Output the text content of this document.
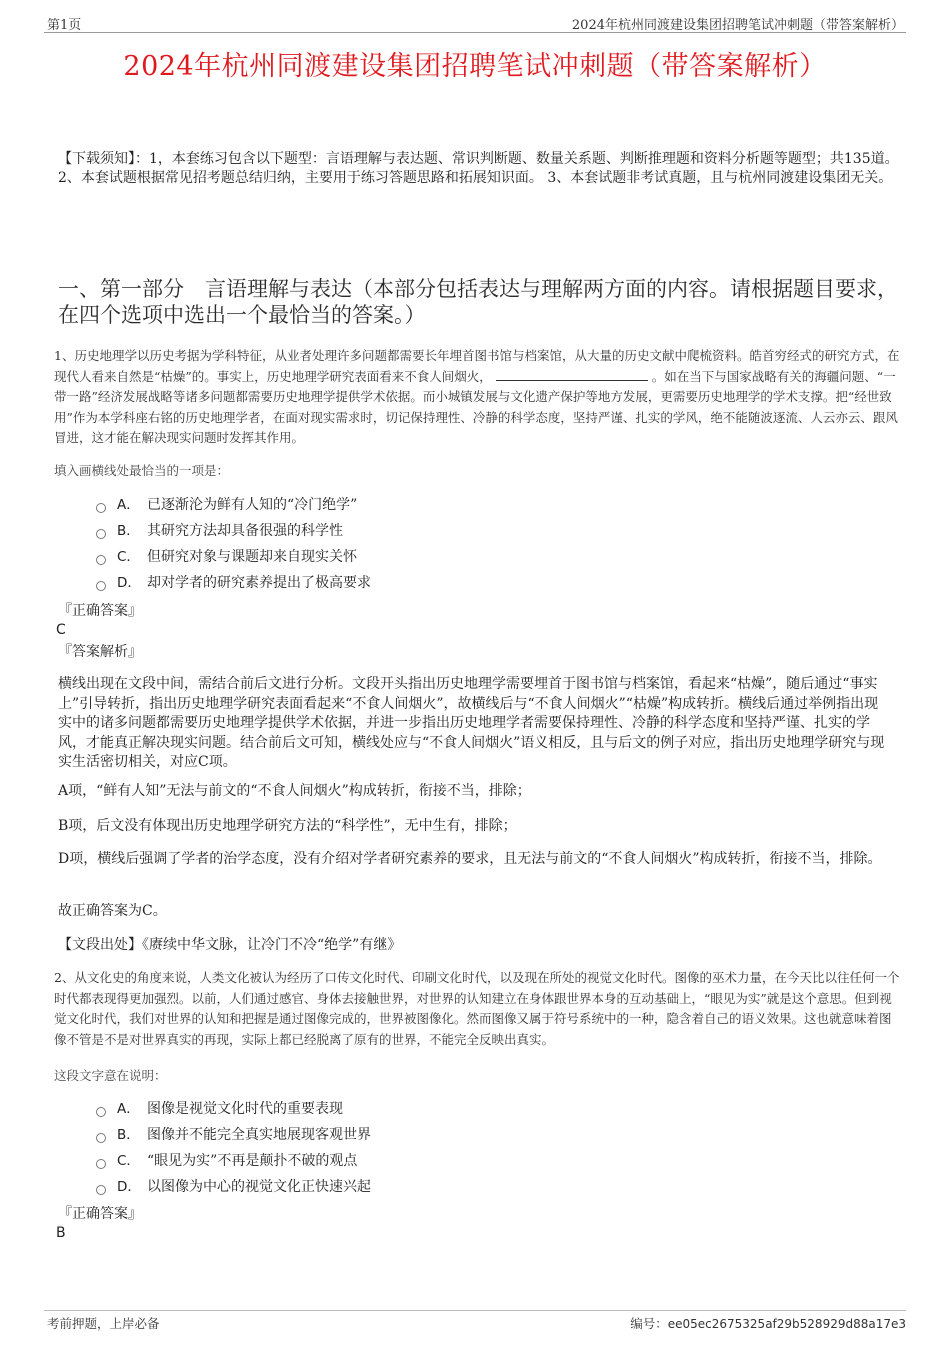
第1页	2024年杭州同渡建设集团招聘笔试冲刺题（带答案解析）
2024年杭州同渡建设集团招聘笔试冲刺题（带答案解析）
【下载须知】：1，本套练习包含以下题型：言语理解与表达题、常识判断题、数量关系题、判断推理题和资料分析题等题型；共135道。 2、本套试题根据常见招考题总结归纳，主要用于练习答题思路和拓展知识面。 3、本套试题非考试真题，且与杭州同渡建设集团无关。
一、第一部分　言语理解与表达（本部分包括表达与理解两方面的内容。请根据题目要求，在四个选项中选出一个最恰当的答案。）
1、历史地理学以历史考据为学科特征，从业者处理许多问题都需要长年埋首图书馆与档案馆，从大量的历史文献中爬梳资料。皓首穷经式的研究方式，在现代人看来自然是“枯燥”的。事实上，历史地理学研究表面看来不食人间烟火，	。如在当下与国家战略有关的海疆问题、“一带一路”经济发展战略等诸多问题都需要历史地理学提供学术依据。而小城镇发展与文化遗产保护等地方发展，更需要历史地理学的学术支撑。把“经世致用”作为本学科座右铭的历史地理学者，在面对现实需求时，切记保持理性、冷静的科学态度，坚持严谨、扎实的学风，绝不能随波逐流、人云亦云、跟风冒进，这才能在解决现实问题时发挥其作用。
填入画横线处最恰当的一项是：
A． 已逐渐沦为鲜有人知的“冷门绝学”
B． 其研究方法却具备很强的科学性
C． 但研究对象与课题却来自现实关怀
D． 却对学者的研究素养提出了极高要求
『正确答案』
C
『答案解析』
横线出现在文段中间，需结合前后文进行分析。文段开头指出历史地理学需要埋首于图书馆与档案馆，看起来“枯燥”，随后通过“事实上”引导转折，指出历史地理学研究表面看起来“不食人间烟火”，故横线后与“不食人间烟火”“枯燥”构成转折。横线后通过举例指出现实中的诸多问题都需要历史地理学提供学术依据，并进一步指出历史地理学者需要保持理性、冷静的科学态度和坚持严谨、扎实的学风，才能真正解决现实问题。结合前后文可知，横线处应与“不食人间烟火”语义相反，且与后文的例子对应，指出历史地理学研究与现实生活密切相关，对应C项。
A项，“鲜有人知”无法与前文的“不食人间烟火”构成转折，衔接不当，排除；
B项，后文没有体现出历史地理学研究方法的“科学性”，无中生有，排除；
D项，横线后强调了学者的治学态度，没有介绍对学者研究素养的要求，且无法与前文的“不食人间烟火”构成转折，衔接不当，排除。
故正确答案为C。
【文段出处】《赓续中华文脉，让冷门不冷“绝学”有继》
2、从文化史的角度来说，人类文化被认为经历了口传文化时代、印刷文化时代，以及现在所处的视觉文化时代。图像的巫术力量，在今天比以往任何一个时代都表现得更加强烈。以前，人们通过感官、身体去接触世界，对世界的认知建立在身体跟世界本身的互动基础上，“眼见为实”就是这个意思。但到视觉文化时代，我们对世界的认知和把握是通过图像完成的，世界被图像化。然而图像又属于符号系统中的一种，隐含着自己的语义效果。这也就意味着图像不管是不是对世界真实的再现，实际上都已经脱离了原有的世界，不能完全反映出真实。
这段文字意在说明：
A． 图像是视觉文化时代的重要表现
B． 图像并不能完全真实地展现客观世界
C． “眼见为实”不再是颠扑不破的观点
D． 以图像为中心的视觉文化正快速兴起
『正确答案』
B
考前押题，上岸必备	编号：ee05ec2675325af29b528929d88a17e3
